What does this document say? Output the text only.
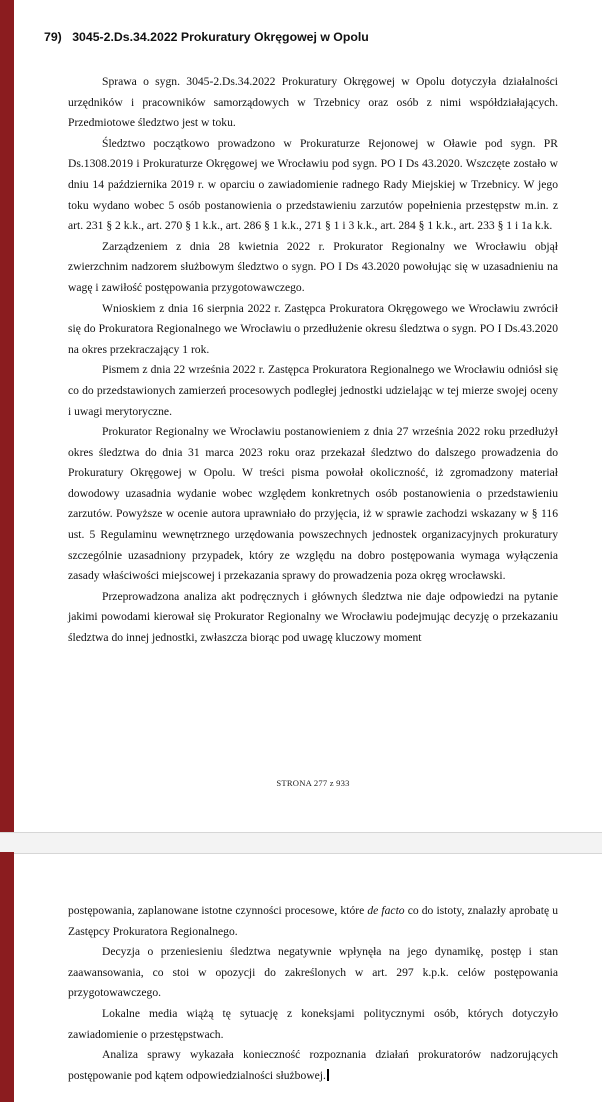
79) 3045-2.Ds.34.2022 Prokuratury Okręgowej w Opolu

Sprawa o sygn. 3045-2.Ds.34.2022 Prokuratury Okręgowej w Opolu dotyczyła działalności urzędników i pracowników samorządowych w Trzebnicy oraz osób z nimi współdziałających. Przedmiotowe śledztwo jest w toku.

Śledztwo początkowo prowadzono w Prokuraturze Rejonowej w Oławie pod sygn. PR Ds.1308.2019 i Prokuraturze Okręgowej we Wrocławiu pod sygn. PO I Ds 43.2020. Wszczęte zostało w dniu 14 października 2019 r. w oparciu o zawiadomienie radnego Rady Miejskiej w Trzebnicy. W jego toku wydano wobec 5 osób postanowienia o przedstawieniu zarzutów popełnienia przestępstw m.in. z art. 231 § 2 k.k., art. 270 § 1 k.k., art. 286 § 1 k.k., 271 § 1 i 3 k.k., art. 284 § 1 k.k., art. 233 § 1 i 1a k.k.

Zarządzeniem z dnia 28 kwietnia 2022 r. Prokurator Regionalny we Wrocławiu objął zwierzchnim nadzorem służbowym śledztwo o sygn. PO I Ds 43.2020 powołując się w uzasadnieniu na wagę i zawiłość postępowania przygotowawczego.

Wnioskiem z dnia 16 sierpnia 2022 r. Zastępca Prokuratora Okręgowego we Wrocławiu zwrócił się do Prokuratora Regionalnego we Wrocławiu o przedłużenie okresu śledztwa o sygn. PO I Ds.43.2020 na okres przekraczający 1 rok.

Pismem z dnia 22 września 2022 r. Zastępca Prokuratora Regionalnego we Wrocławiu odniósł się co do przedstawionych zamierzeń procesowych podległej jednostki udzielając w tej mierze swojej oceny i uwagi merytoryczne.

Prokurator Regionalny we Wrocławiu postanowieniem z dnia 27 września 2022 roku przedłużył okres śledztwa do dnia 31 marca 2023 roku oraz przekazał śledztwo do dalszego prowadzenia do Prokuratury Okręgowej w Opolu. W treści pisma powołał okoliczność, iż zgromadzony materiał dowodowy uzasadnia wydanie wobec względem konkretnych osób postanowienia o przedstawieniu zarzutów. Powyższe w ocenie autora uprawniało do przyjęcia, iż w sprawie zachodzi wskazany w § 116 ust. 5 Regulaminu wewnętrznego urzędowania powszechnych jednostek organizacyjnych prokuratury szczególnie uzasadniony przypadek, który ze względu na dobro postępowania wymaga wyłączenia zasady właściwości miejscowej i przekazania sprawy do prowadzenia poza okręg wrocławski.

Przeprowadzona analiza akt podręcznych i głównych śledztwa nie daje odpowiedzi na pytanie jakimi powodami kierował się Prokurator Regionalny we Wrocławiu podejmując decyzję o przekazaniu śledztwa do innej jednostki, zwłaszcza biorąc pod uwagę kluczowy moment

STRONA 277 z 933

postępowania, zaplanowane istotne czynności procesowe, które de facto co do istoty, znalazły aprobatę u Zastępcy Prokuratora Regionalnego.

Decyzja o przeniesieniu śledztwa negatywnie wpłynęła na jego dynamikę, postęp i stan zaawansowania, co stoi w opozycji do zakreślonych w art. 297 k.p.k. celów postępowania przygotowawczego.

Lokalne media wiążą tę sytuację z koneksjami politycznymi osób, których dotyczyło zawiadomienie o przestępstwach.

Analiza sprawy wykazała konieczność rozpoznania działań prokuratorów nadzorujących postępowanie pod kątem odpowiedzialności służbowej.
